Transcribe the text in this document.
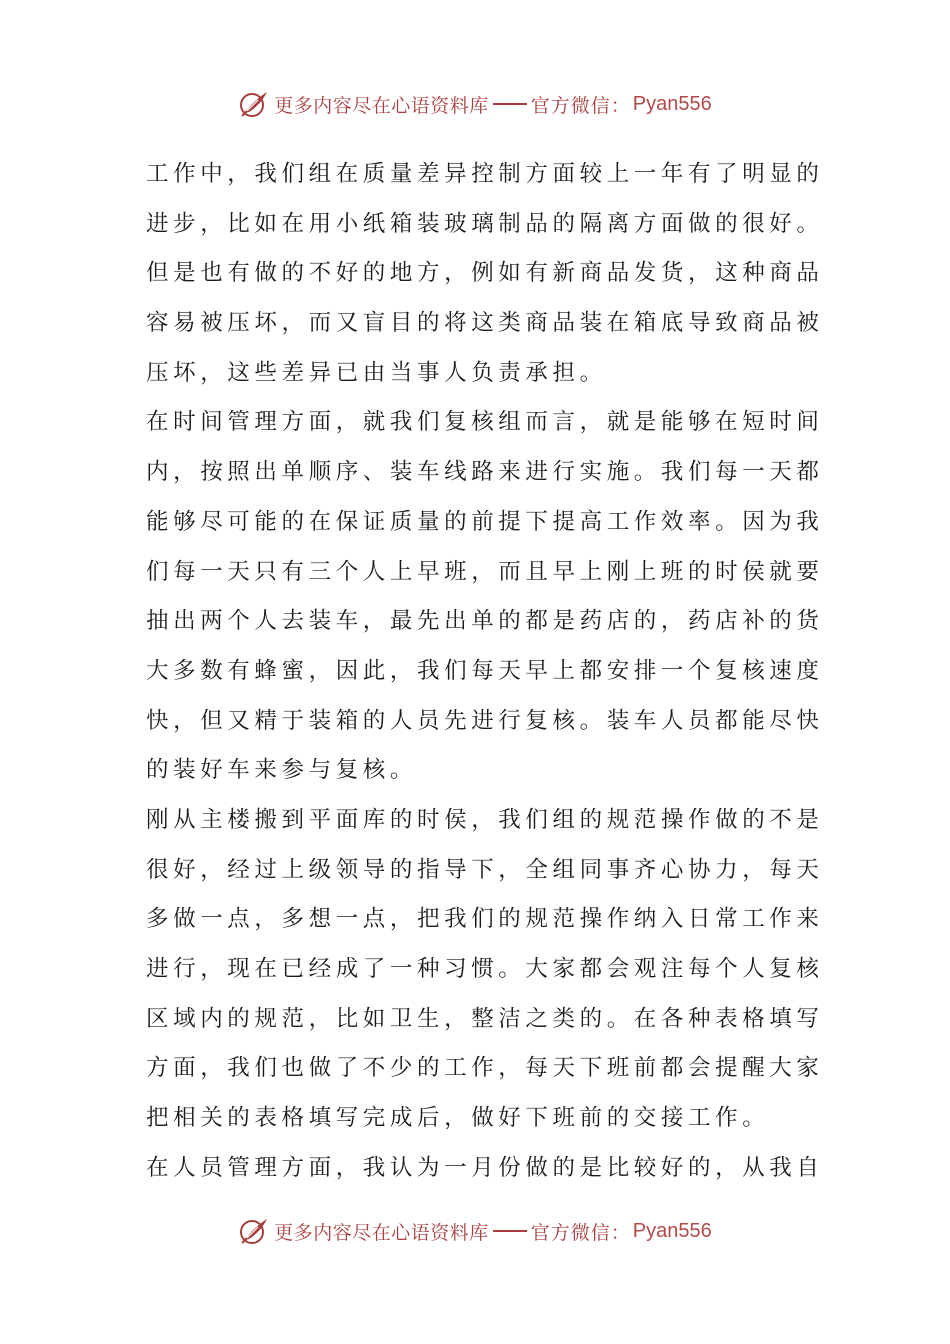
更多内容尽在心语资料库 官方微信： Pyan556
工作中，我们组在质量差异控制方面较上一年有了明显的
进步，比如在用小纸箱装玻璃制品的隔离方面做的很好。
但是也有做的不好的地方，例如有新商品发货，这种商品
容易被压坏，而又盲目的将这类商品装在箱底导致商品被
压坏，这些差异已由当事人负责承担。
在时间管理方面，就我们复核组而言，就是能够在短时间
内，按照出单顺序、装车线路来进行实施。我们每一天都
能够尽可能的在保证质量的前提下提高工作效率。因为我
们每一天只有三个人上早班，而且早上刚上班的时侯就要
抽出两个人去装车，最先出单的都是药店的，药店补的货
大多数有蜂蜜，因此，我们每天早上都安排一个复核速度
快，但又精于装箱的人员先进行复核。装车人员都能尽快
的装好车来参与复核。
刚从主楼搬到平面库的时侯，我们组的规范操作做的不是
很好，经过上级领导的指导下，全组同事齐心协力，每天
多做一点，多想一点，把我们的规范操作纳入日常工作来
进行，现在已经成了一种习惯。大家都会观注每个人复核
区域内的规范，比如卫生，整洁之类的。在各种表格填写
方面，我们也做了不少的工作，每天下班前都会提醒大家
把相关的表格填写完成后，做好下班前的交接工作。
在人员管理方面，我认为一月份做的是比较好的，从我自
更多内容尽在心语资料库 官方微信： Pyan556
